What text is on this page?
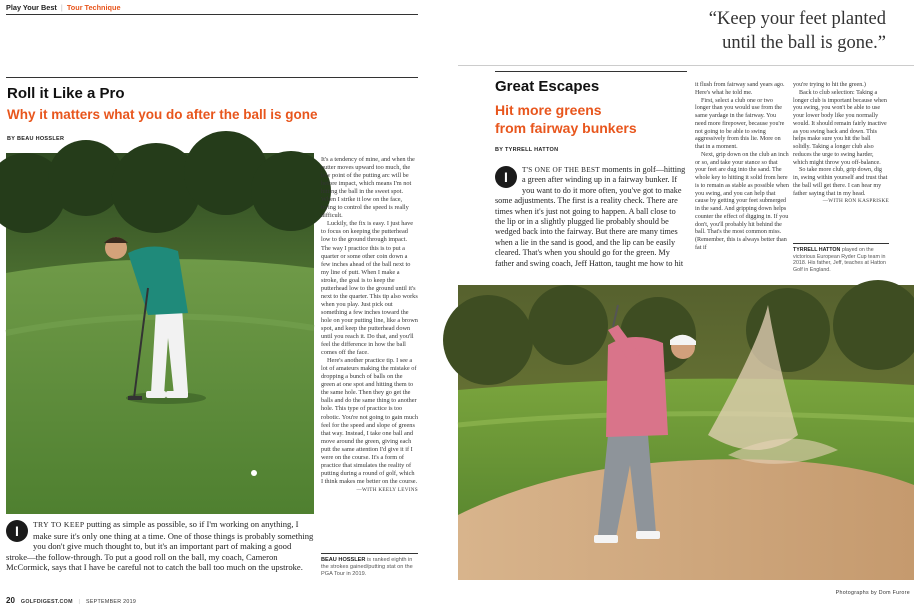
Play Your Best  |  Tour Technique
Roll it Like a Pro
Why it matters what you do after the ball is gone
BY BEAU HOSSLER
I	TRY TO KEEP putting as simple as possible, so if I'm working on anything, I make sure it's only one thing at a time. One of those things is probably something you don't give much thought to, but it's an important part of making a good stroke—the follow-through. To put a good roll on the ball, my coach, Cameron McCormick, says that I have be careful not to catch the ball too much on the upstroke.

It's a tendency of mine, and when the putter moves upward too much, the low point of the putting arc will be before impact, which means I'm not hitting the ball in the sweet spot. When I strike it low on the face, trying to control the speed is really difficult.

Luckily, the fix is easy. I just have to focus on keeping the putterhead low to the ground through impact. The way I practice this is to put a quarter or some other coin down a few inches ahead of the ball next to my line of putt. When I make a stroke, the goal is to keep the putterhead low to the ground until it's next to the quarter. This tip also works when you play. Just pick out something a few inches toward the hole on your putting line, like a brown spot, and keep the putterhead down until you reach it. Do that, and you'll feel the difference in how the ball comes off the face.

Here's another practice tip. I see a lot of amateurs making the mistake of dropping a bunch of balls on the green at one spot and hitting them to the same hole. Then they go get the balls and do the same thing to another hole. This type of practice is too robotic. You're not going to gain much feel for the speed and slope of greens that way. Instead, I take one ball and move around the green, giving each putt the same attention I'd give it if I were on the course. It's a form of practice that simulates the reality of putting during a round of golf, which I think makes me better on the course.

—WITH KEELY LEVINS

BEAU HOSSLER is ranked eighth in the strokes gained/putting stat on the PGA Tour in 2019.
20 GOLFDIGEST.COM  |  SEPTEMBER 2019
“Keep your feet planted
until the ball is gone.”
Great Escapes
Hit more greens
from fairway bunkers
BY TYRRELL HATTON
I	T'S ONE OF THE BEST moments in golf—hitting a green after winding up in a fairway bunker. If you want to do it more often, you've got to make some adjustments. The first is a reality check. There are times when it's just not going to happen. A ball close to the lip or in a slightly plugged lie probably should be wedged back into the fairway. But there are many times when a lie in the sand is good, and the lip can be easily cleared. That's when you should go for the green. My father and swing coach, Jeff Hatton, taught me how to hit

it flush from fairway sand years ago. Here's what he told me.

First, select a club one or two longer than you would use from the same yardage in the fairway. You need more firepower, because you're not going to be able to swing aggressively from this lie. More on that in a moment.

Next, grip down on the club an inch or so, and take your stance so that your feet are dug into the sand. The whole key to hitting it solid from here is to remain as stable as possible when you swing, and you can help that cause by getting your feet submerged in the sand. And gripping down helps counter the effect of digging in. If you don't, you'll probably hit behind the ball. That's the most common miss. (Remember, this is always better than fat if

you're trying to hit the green.)

Back to club selection: Taking a longer club is important because when you swing, you won't be able to use your lower body like you normally would. It should remain fairly inactive as you swing back and down. This helps make sure you hit the ball solidly. Taking a longer club also reduces the urge to swing harder, which might throw you off-balance.

So take more club, grip down, dig in, swing within yourself and trust that the ball will get there. I can hear my father saying that in my head.

—WITH RON KASPRISKE

TYRRELL HATTON played on the victorious European Ryder Cup team in 2018. His father, Jeff, teaches at Hatton Golf in England.
Photographs by Dom Furore
